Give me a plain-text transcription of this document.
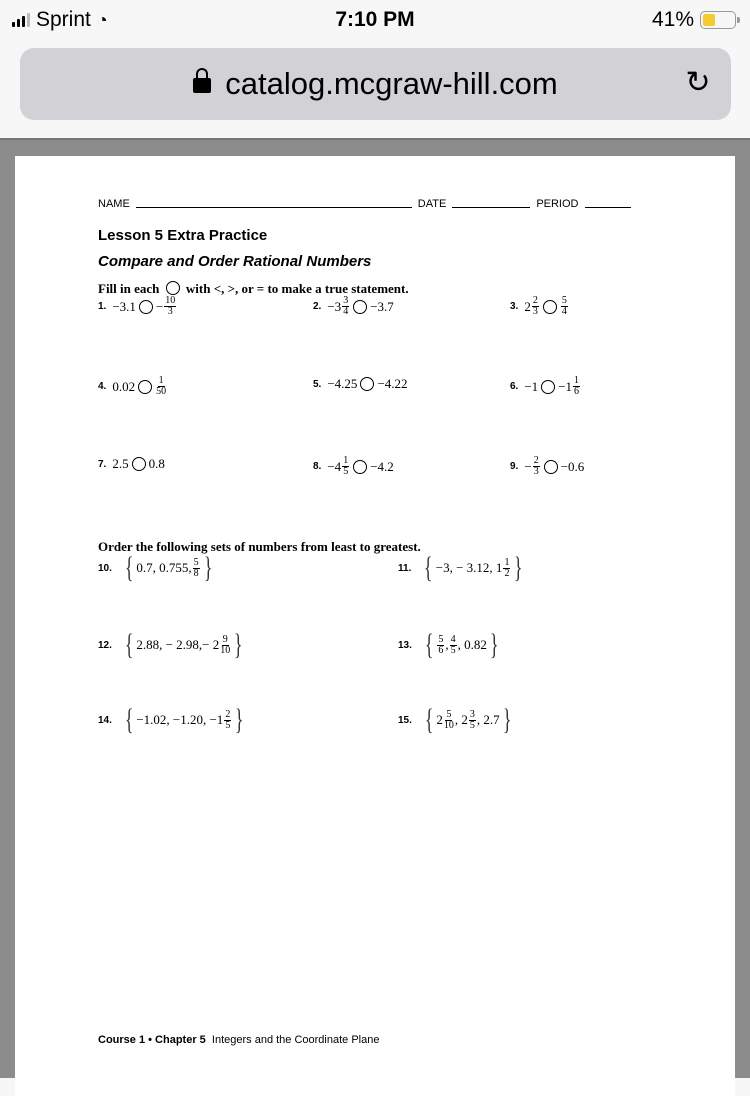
Sprint ◔	7:10 PM	41%
catalog.mcgraw-hill.com	↻
NAME	DATE	PERIOD
Lesson 5 Extra Practice
Compare and Order Rational Numbers
Fill in each with <, >, or = to make a true statement.
1. $-3.1 - \frac{10}{3}$	2. $-3 \frac{3}{4} -3.7$	3. $2 \frac{2}{3} \frac{5}{4}$
4. $0.02 \frac{1}{50}$	5. −4.25 −4.22	6. $-1 -1 \frac{1}{6}$
7. 2.5 0.8	8. $-4 \frac{1}{5} -4.2$	9. − $\frac{2}{3} -0.6$
Order the following sets of numbers from least to greatest.
10. { 0.7, 0.755, $\frac{5}{8}$ }	11. { −3, − 3.12, $1 \frac{1}{2}$ }
12. { 2.88, − $2.98,- 2 \frac{9}{10}$ }	13. { $\frac{5}{6}$ , $\frac{4}{5}$ , 0.82 }
14. { −1.02, −1.20, $-1 \frac{2}{5}$ }	15. { $2 \frac{5}{10}$ , $2 \frac{3}{5}$ , 2.7 }
Course 1 • Chapter 5 Integers and the Coordinate Plane
